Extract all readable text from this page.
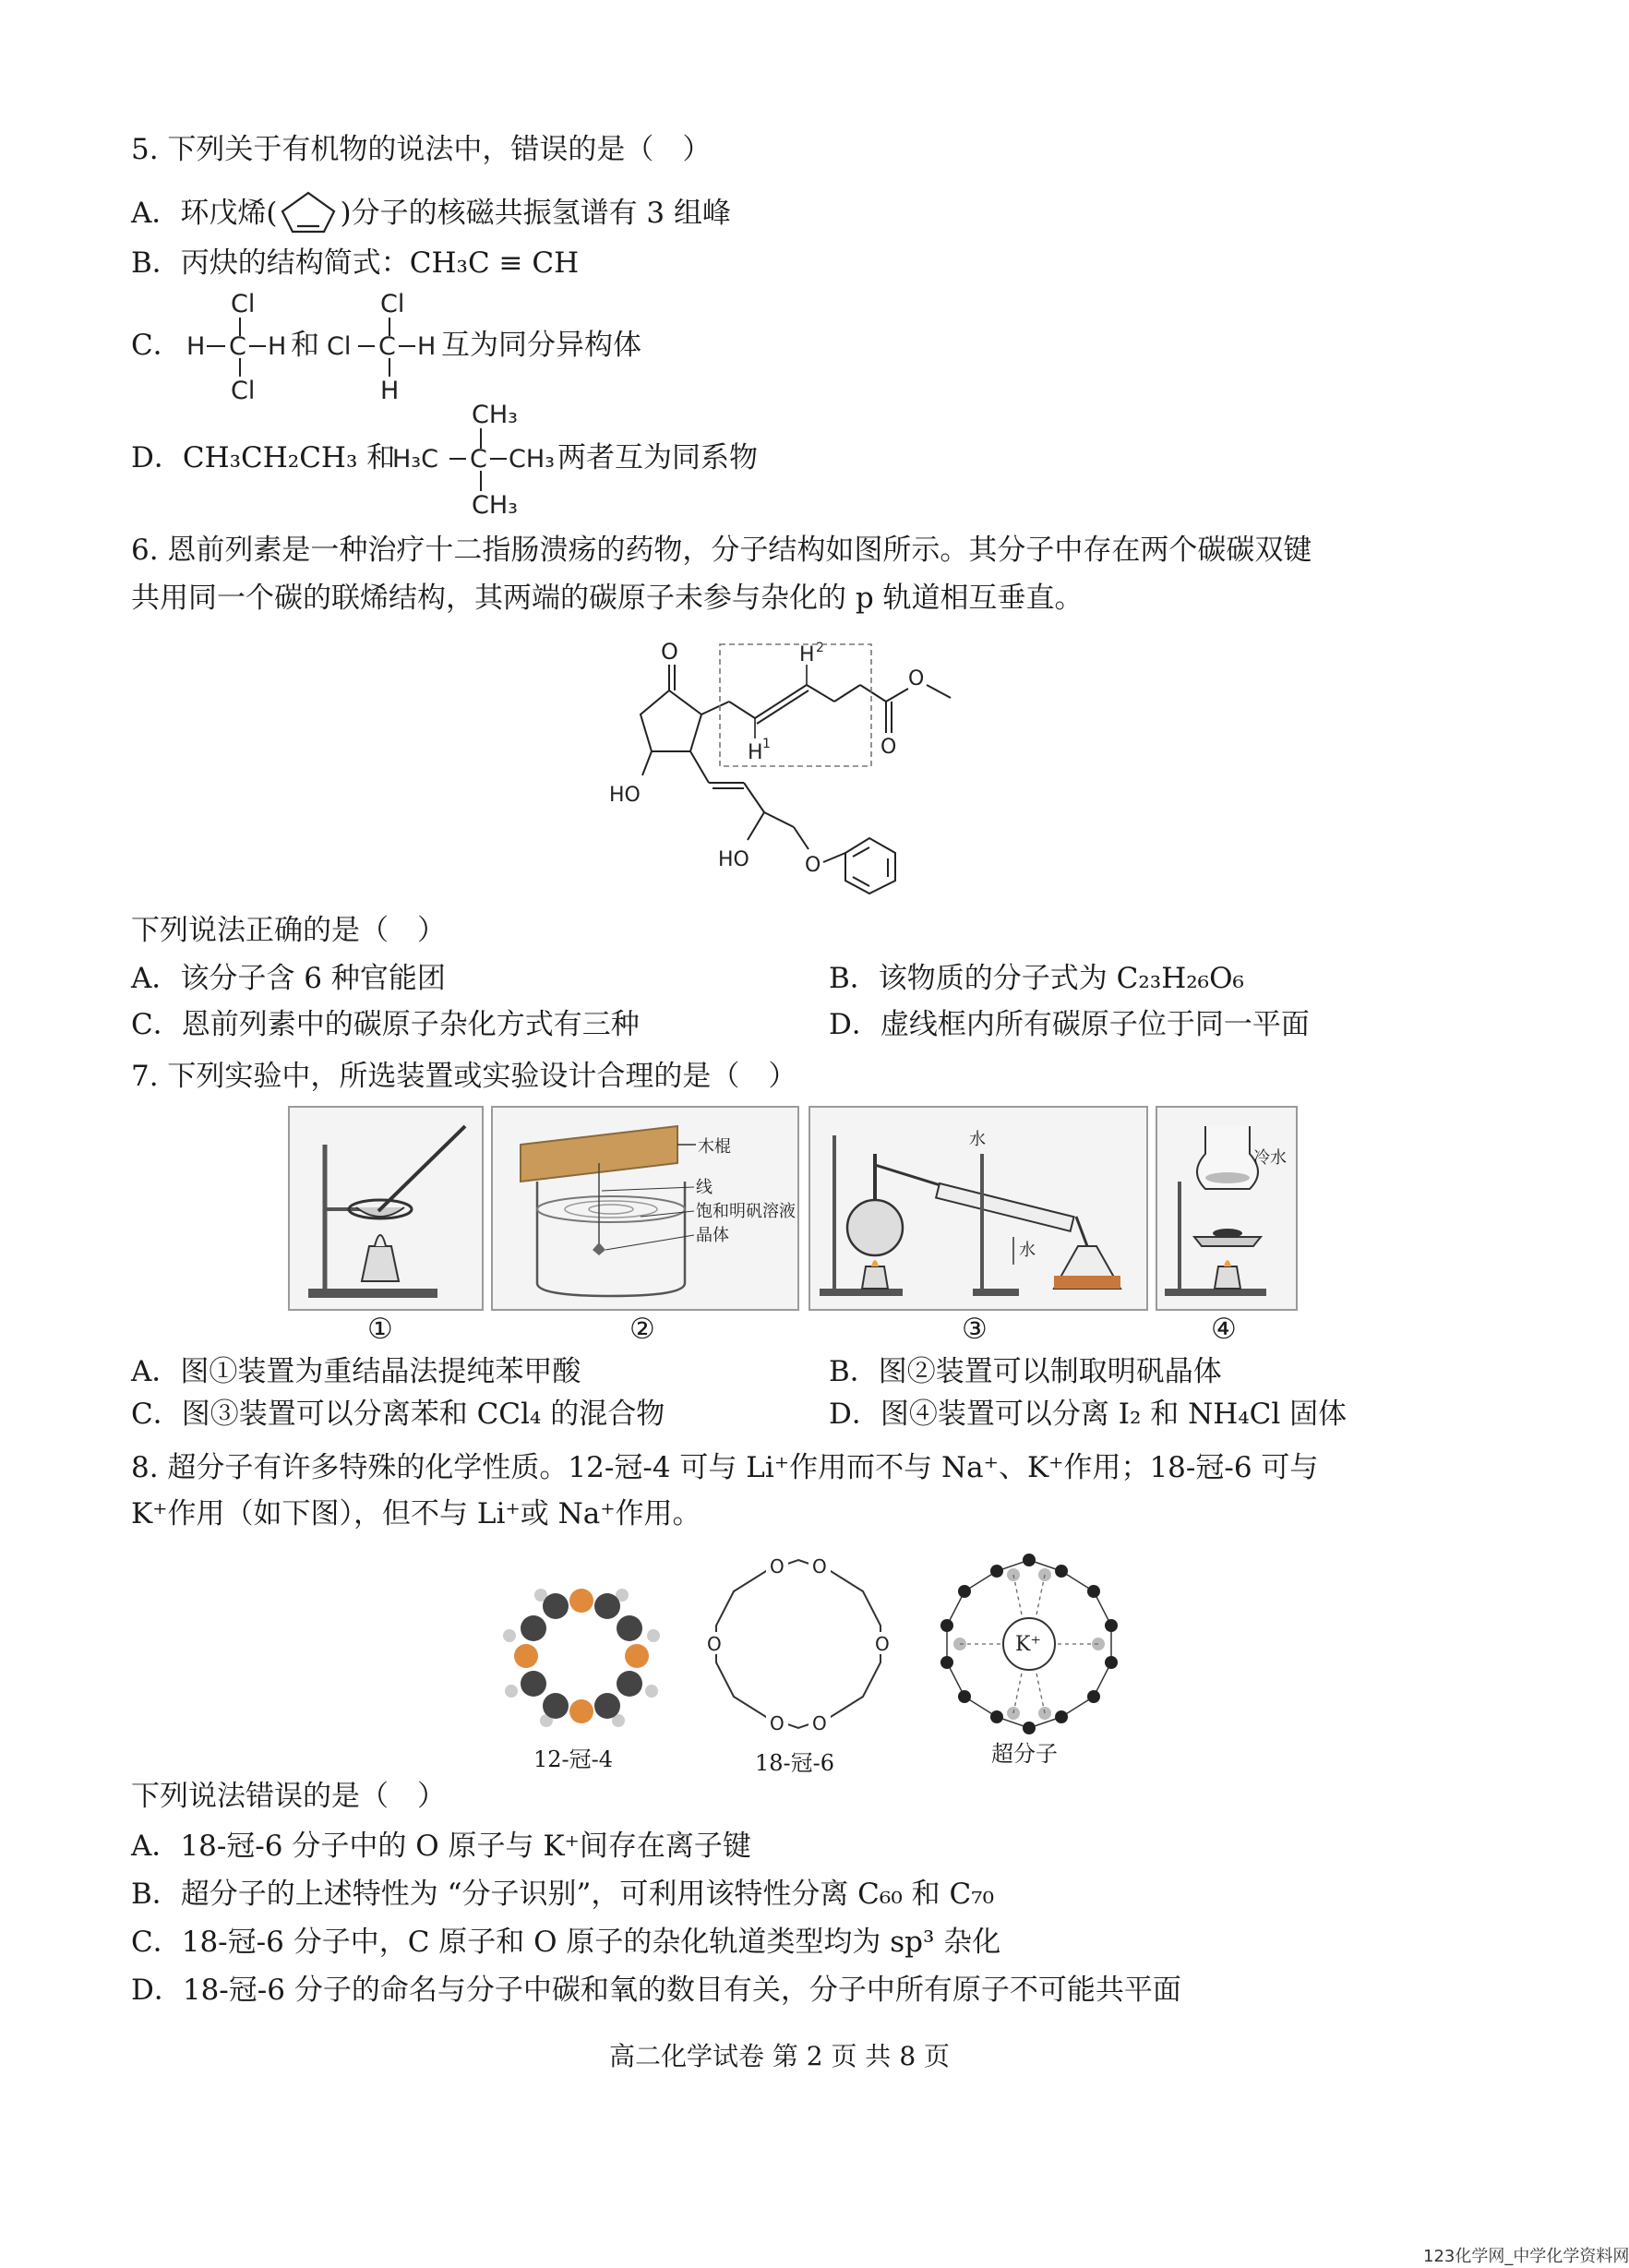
5. 下列关于有机物的说法中，错误的是（　）
A．环戊烯( )分子的核磁共振氢谱有 3 组峰
B．丙炔的结构简式：CH₃C ≡ CH
C．
Cl
H C H
Cl
和
Cl
Cl C H
H
互为同分异构体
D．CH₃CH₂CH₃ 和
CH₃
H₃C C CH₃
CH₃
两者互为同系物
6. 恩前列素是一种治疗十二指肠溃疡的药物，分子结构如图所示。其分子中存在两个碳碳双键
共用同一个碳的联烯结构，其两端的碳原子未参与杂化的 p 轨道相互垂直。
O	H 2
H 1	O
O
HO
HO	O
下列说法正确的是（　）
A．该分子含 6 种官能团	B．该物质的分子式为 C₂₃H₂₆O₆
C．恩前列素中的碳原子杂化方式有三种	D．虚线框内所有碳原子位于同一平面
7. 下列实验中，所选装置或实验设计合理的是（　）
①
木棍
线
饱和明矾溶液
晶体
②
水
水
③
冷水
④
A．图①装置为重结晶法提纯苯甲酸	B．图②装置可以制取明矾晶体
C．图③装置可以分离苯和 CCl₄ 的混合物	D．图④装置可以分离 I₂ 和 NH₄Cl 固体
8. 超分子有许多特殊的化学性质。12-冠-4 可与 Li⁺作用而不与 Na⁺、K⁺作用；18-冠-6 可与
K⁺作用（如下图），但不与 Li⁺或 Na⁺作用。
12-冠-4
O
O
O
O
O
O
18-冠-6
K⁺
超分子
下列说法错误的是（　）
A．18-冠-6 分子中的 O 原子与 K⁺间存在离子键
B．超分子的上述特性为 “分子识别”，可利用该特性分离 C₆₀ 和 C₇₀
C．18-冠-6 分子中，C 原子和 O 原子的杂化轨道类型均为 sp³ 杂化
D．18-冠-6 分子的命名与分子中碳和氧的数目有关，分子中所有原子不可能共平面
高二化学试卷 第 2 页 共 8 页
123化学网_中学化学资料网
